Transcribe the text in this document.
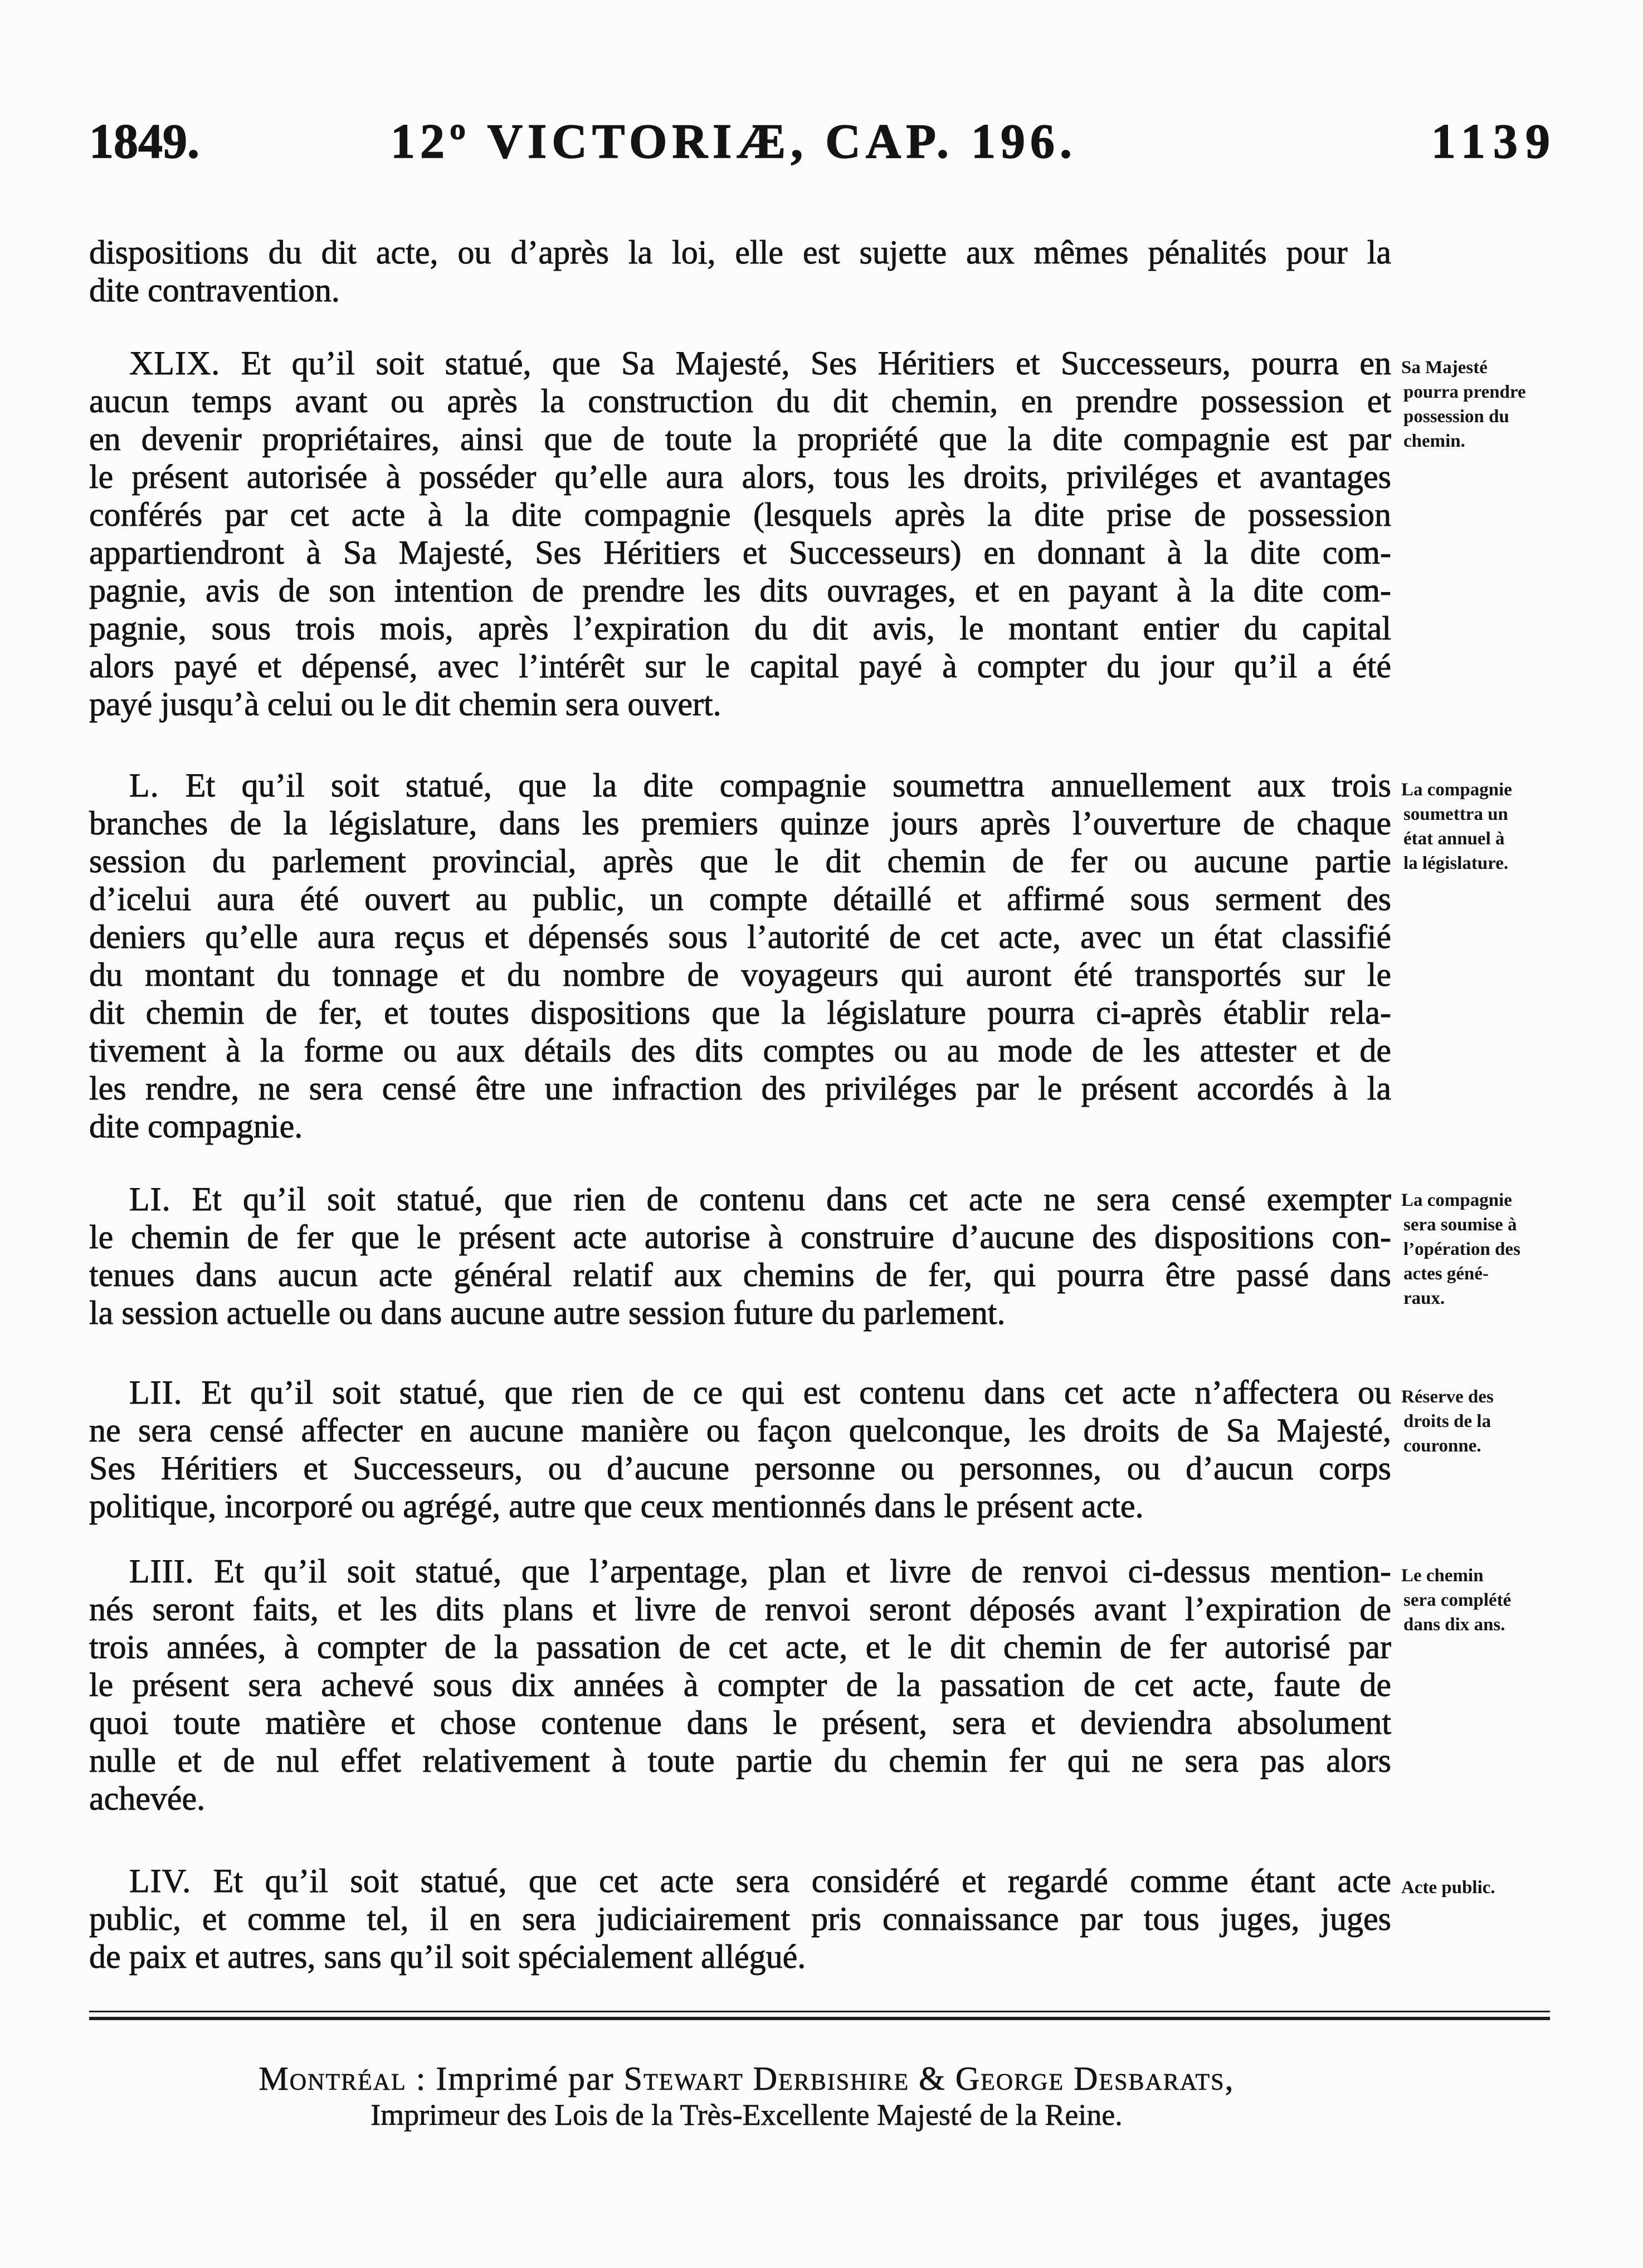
1849.	12º VICTORIÆ, CAP. 196.	1139
dispositions du dit acte, ou d’après la loi, elle est sujette aux mêmes pénalités pour la
dite contravention.
XLIX. Et qu’il soit statué, que Sa Majesté, Ses Héritiers et Successeurs, pourra en
aucun temps avant ou après la construction du dit chemin, en prendre possession et
en devenir propriétaires, ainsi que de toute la propriété que la dite compagnie est par
le présent autorisée à posséder qu’elle aura alors, tous les droits, priviléges et avantages
conférés par cet acte à la dite compagnie (lesquels après la dite prise de possession
appartiendront à Sa Majesté, Ses Héritiers et Successeurs) en donnant à la dite com-
pagnie, avis de son intention de prendre les dits ouvrages, et en payant à la dite com-
pagnie, sous trois mois, après l’expiration du dit avis, le montant entier du capital
alors payé et dépensé, avec l’intérêt sur le capital payé à compter du jour qu’il a été
payé jusqu’à celui ou le dit chemin sera ouvert.
Sa Majesté
pourra prendre
possession du
chemin.
L. Et qu’il soit statué, que la dite compagnie soumettra annuellement aux trois
branches de la législature, dans les premiers quinze jours après l’ouverture de chaque
session du parlement provincial, après que le dit chemin de fer ou aucune partie
d’icelui aura été ouvert au public, un compte détaillé et affirmé sous serment des
deniers qu’elle aura reçus et dépensés sous l’autorité de cet acte, avec un état classifié
du montant du tonnage et du nombre de voyageurs qui auront été transportés sur le
dit chemin de fer, et toutes dispositions que la législature pourra ci-après établir rela-
tivement à la forme ou aux détails des dits comptes ou au mode de les attester et de
les rendre, ne sera censé être une infraction des priviléges par le présent accordés à la
dite compagnie.
La compagnie
soumettra un
état annuel à
la législature.
LI. Et qu’il soit statué, que rien de contenu dans cet acte ne sera censé exempter
le chemin de fer que le présent acte autorise à construire d’aucune des dispositions con-
tenues dans aucun acte général relatif aux chemins de fer, qui pourra être passé dans
la session actuelle ou dans aucune autre session future du parlement.
La compagnie
sera soumise à
l’opération des
actes géné-
raux.
LII. Et qu’il soit statué, que rien de ce qui est contenu dans cet acte n’affectera ou
ne sera censé affecter en aucune manière ou façon quelconque, les droits de Sa Majesté,
Ses Héritiers et Successeurs, ou d’aucune personne ou personnes, ou d’aucun corps
politique, incorporé ou agrégé, autre que ceux mentionnés dans le présent acte.
Réserve des
droits de la
couronne.
LIII. Et qu’il soit statué, que l’arpentage, plan et livre de renvoi ci-dessus mention-
nés seront faits, et les dits plans et livre de renvoi seront déposés avant l’expiration de
trois années, à compter de la passation de cet acte, et le dit chemin de fer autorisé par
le présent sera achevé sous dix années à compter de la passation de cet acte, faute de
quoi toute matière et chose contenue dans le présent, sera et deviendra absolument
nulle et de nul effet relativement à toute partie du chemin fer qui ne sera pas alors
achevée.
Le chemin
sera complété
dans dix ans.
LIV. Et qu’il soit statué, que cet acte sera considéré et regardé comme étant acte
public, et comme tel, il en sera judiciairement pris connaissance par tous juges, juges
de paix et autres, sans qu’il soit spécialement allégué.
Acte public.
Montréal : Imprimé par Stewart Derbishire & George Desbarats,
Imprimeur des Lois de la Très-Excellente Majesté de la Reine.
